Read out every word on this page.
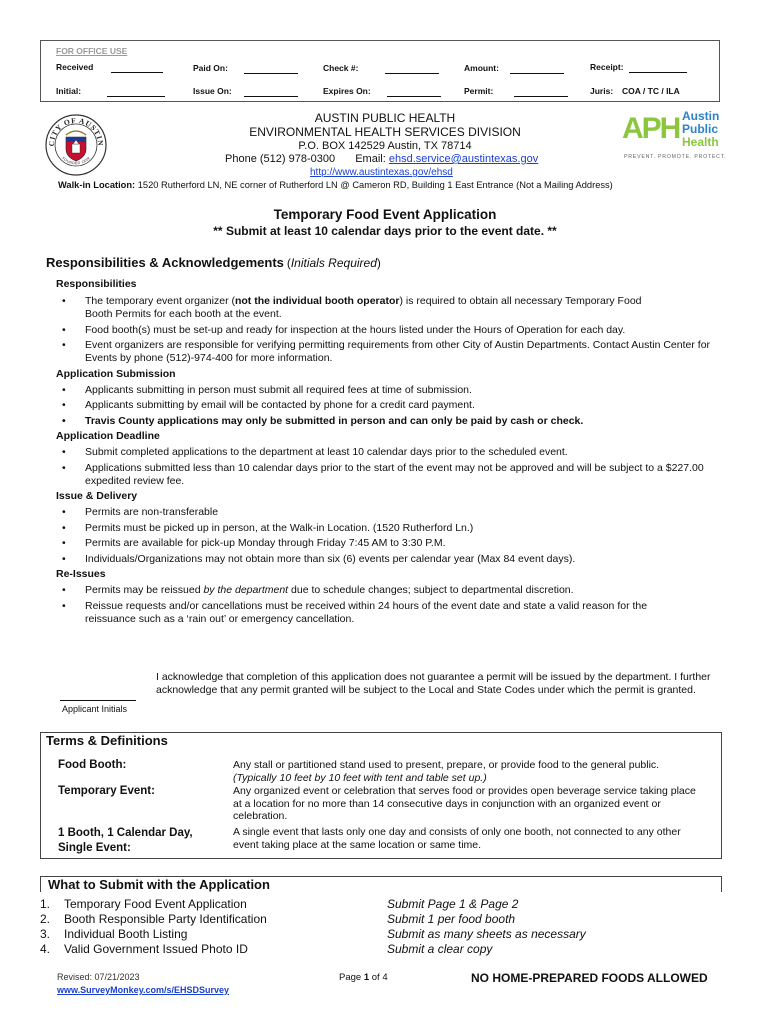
FOR OFFICE USE
Received	Paid On:	Check #:	Amount:	Receipt:
Initial:	Issue On:	Expires On:	Permit:	Juris: COA / TC / ILA
CITY OF AUSTIN
FOUNDED 1839
AUSTIN PUBLIC HEALTH
ENVIRONMENTAL HEALTH SERVICES DIVISION
P.O. BOX 142529 Austin, TX 78714
Phone (512) 978-0300 Email: ehsd.service@austintexas.gov
http://www.austintexas.gov/ehsd
Walk-in Location: 1520 Rutherford LN, NE corner of Rutherford LN @ Cameron RD, Building 1 East Entrance (Not a Mailing Address)
APH Austin
Public
Health
PREVENT. PROMOTE. PROTECT.
Temporary Food Event Application
** Submit at least 10 calendar days prior to the event date. **
Responsibilities & Acknowledgements (Initials Required)
Responsibilities
• The temporary event organizer (not the individual booth operator) is required to obtain all necessary Temporary Food Booth Permits for each booth at the event.
• Food booth(s) must be set-up and ready for inspection at the hours listed under the Hours of Operation for each day.
• Event organizers are responsible for verifying permitting requirements from other City of Austin Departments. Contact Austin Center for Events by phone (512)-974-400 for more information.
Application Submission
• Applicants submitting in person must submit all required fees at time of submission.
• Applicants submitting by email will be contacted by phone for a credit card payment.
• Travis County applications may only be submitted in person and can only be paid by cash or check.
Application Deadline
• Submit completed applications to the department at least 10 calendar days prior to the scheduled event.
• Applications submitted less than 10 calendar days prior to the start of the event may not be approved and will be subject to a $227.00 expedited review fee.
Issue & Delivery
• Permits are non-transferable
• Permits must be picked up in person, at the Walk-in Location. (1520 Rutherford Ln.)
• Permits are available for pick-up Monday through Friday 7:45 AM to 3:30 P.M.
• Individuals/Organizations may not obtain more than six (6) events per calendar year (Max 84 event days).
Re-Issues
• Permits may be reissued by the department due to schedule changes; subject to departmental discretion.
• Reissue requests and/or cancellations must be received within 24 hours of the event date and state a valid reason for the reissuance such as a ‘rain out’ or emergency cancellation.
I acknowledge that completion of this application does not guarantee a permit will be issued by the department. I further acknowledge that any permit granted will be subject to the Local and State Codes under which the permit is granted.
Applicant Initials
Terms & Definitions
Food Booth:	Any stall or partitioned stand used to present, prepare, or provide food to the general public.
(Typically 10 feet by 10 feet with tent and table set up.)
Temporary Event:	Any organized event or celebration that serves food or provides open beverage service taking place at a location for no more than 14 consecutive days in conjunction with an organized event or celebration.
1 Booth, 1 Calendar Day,
Single Event:
A single event that lasts only one day and consists of only one booth, not connected to any other event taking place at the same location or same time.
What to Submit with the Application
1. Temporary Food Event Application	Submit Page 1 & Page 2
2. Booth Responsible Party Identification	Submit 1 per food booth
3. Individual Booth Listing	Submit as many sheets as necessary
4. Valid Government Issued Photo ID	Submit a clear copy
Revised: 07/21/2023
www.SurveyMonkey.com/s/EHSDSurvey
Page 1 of 4	NO HOME-PREPARED FOODS ALLOWED
